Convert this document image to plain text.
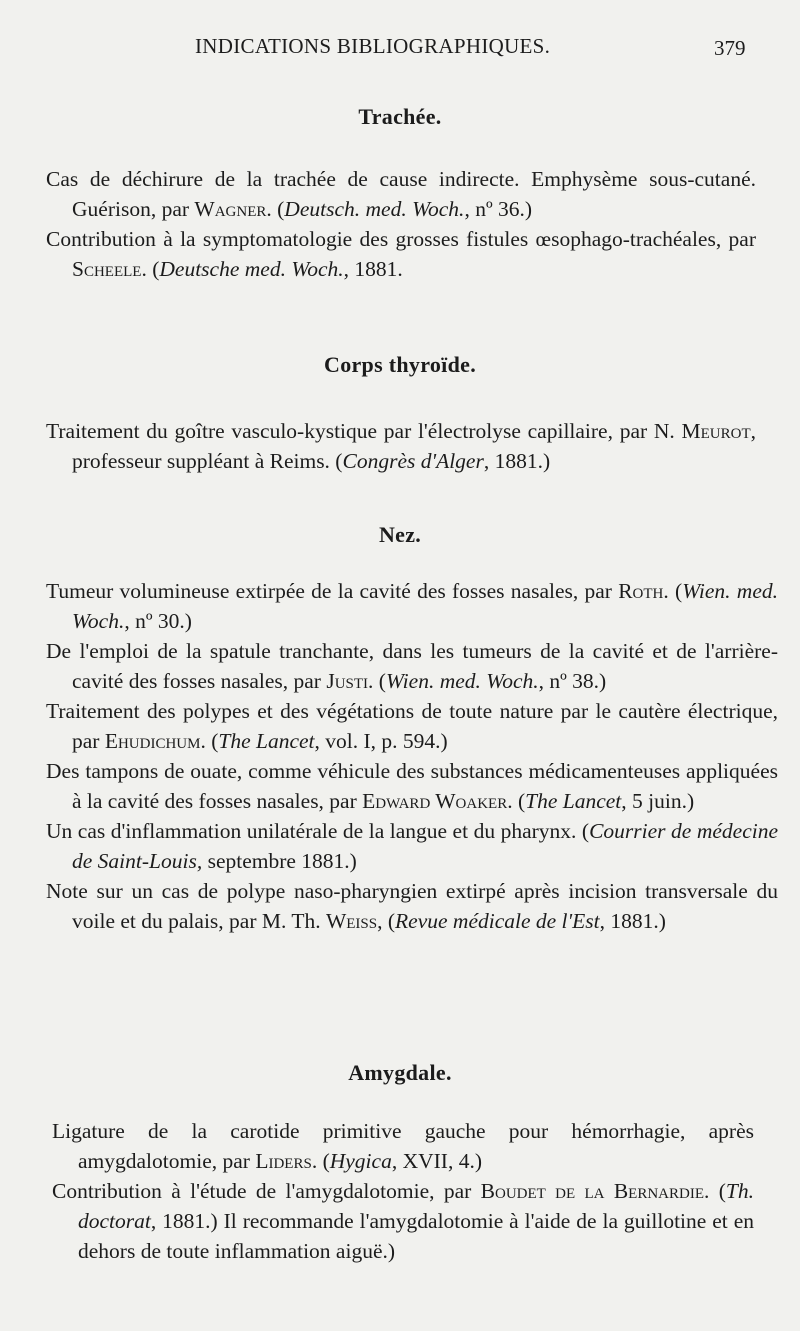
INDICATIONS BIBLIOGRAPHIQUES.	379
Trachée.

Cas de déchirure de la trachée de cause indirecte. Emphysème sous-cutané. Guérison, par Wagner. (Deutsch. med. Woch., nº 36.)

Contribution à la symptomatologie des grosses fistules œsophago-trachéales, par Scheele. (Deutsche med. Woch., 1881.

Corps thyroïde.

Traitement du goître vasculo-kystique par l'électrolyse capillaire, par N. Meurot, professeur suppléant à Reims. (Congrès d'Alger, 1881.)

Nez.

Tumeur volumineuse extirpée de la cavité des fosses nasales, par Roth. (Wien. med. Woch., nº 30.)

De l'emploi de la spatule tranchante, dans les tumeurs de la cavité et de l'arrière-cavité des fosses nasales, par Justi. (Wien. med. Woch., nº 38.)

Traitement des polypes et des végétations de toute nature par le cautère électrique, par Ehudichum. (The Lancet, vol. I, p. 594.)

Des tampons de ouate, comme véhicule des substances médicamenteuses appliquées à la cavité des fosses nasales, par Edward Woaker. (The Lancet, 5 juin.)

Un cas d'inflammation unilatérale de la langue et du pharynx. (Courrier de médecine de Saint-Louis, septembre 1881.)

Note sur un cas de polype naso-pharyngien extirpé après incision transversale du voile et du palais, par M. Th. Weiss, (Revue médicale de l'Est, 1881.)

Amygdale.

Ligature de la carotide primitive gauche pour hémorrhagie, après amygdalotomie, par Liders. (Hygica, XVII, 4.)

Contribution à l'étude de l'amygdalotomie, par Boudet de la Bernardie. (Th. doctorat, 1881.) Il recommande l'amygdalotomie à l'aide de la guillotine et en dehors de toute inflammation aiguë.)
